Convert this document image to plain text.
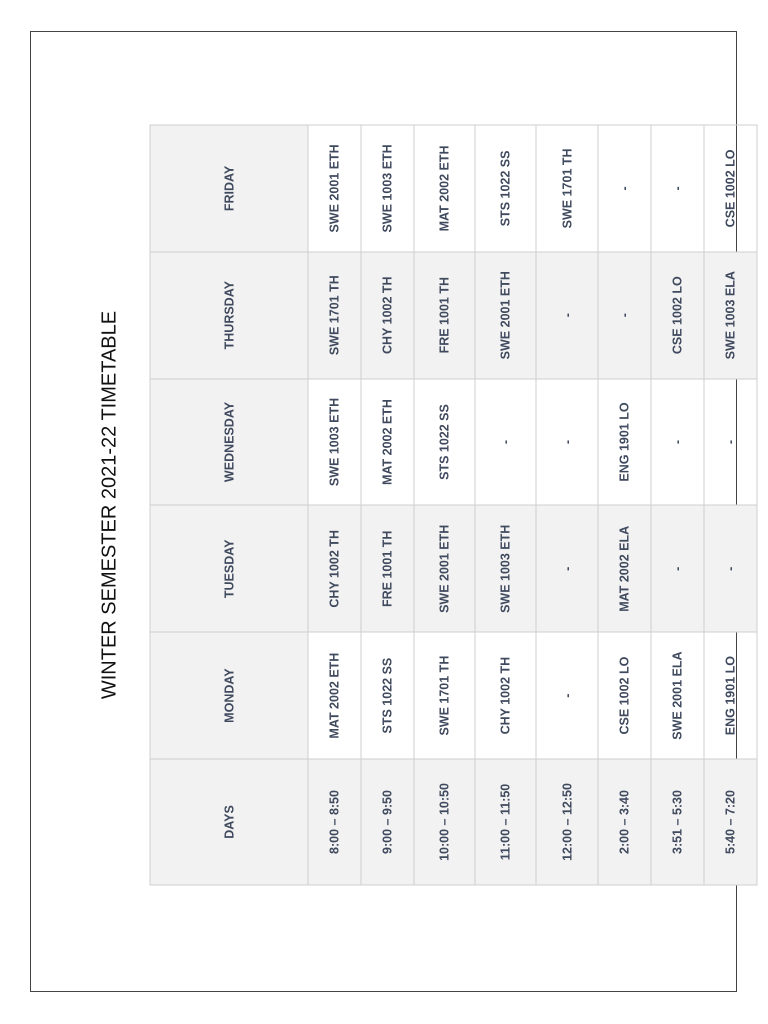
WINTER SEMESTER 2021-22 TIMETABLE
DAYS	MONDAY	TUESDAY	WEDNESDAY	THURSDAY	FRIDAY
8:00 – 8:50	MAT 2002 ETH	CHY 1002 TH	SWE 1003 ETH	SWE 1701 TH	SWE 2001 ETH
9:00 – 9:50	STS 1022 SS	FRE 1001 TH	MAT 2002 ETH	CHY 1002 TH	SWE 1003 ETH
10:00 – 10:50	SWE 1701 TH	SWE 2001 ETH	STS 1022 SS	FRE 1001 TH	MAT 2002 ETH
11:00 – 11:50	CHY 1002 TH	SWE 1003 ETH	-	SWE 2001 ETH	STS 1022 SS
12:00 – 12:50	-	-	-	-	SWE 1701 TH
2:00 – 3:40	CSE 1002 LO	MAT 2002 ELA	ENG 1901 LO	-	-
3:51 – 5:30	SWE 2001 ELA	-	-	CSE 1002 LO	-
5:40 – 7:20	ENG 1901 LO	-	-	SWE 1003 ELA	CSE 1002 LO
